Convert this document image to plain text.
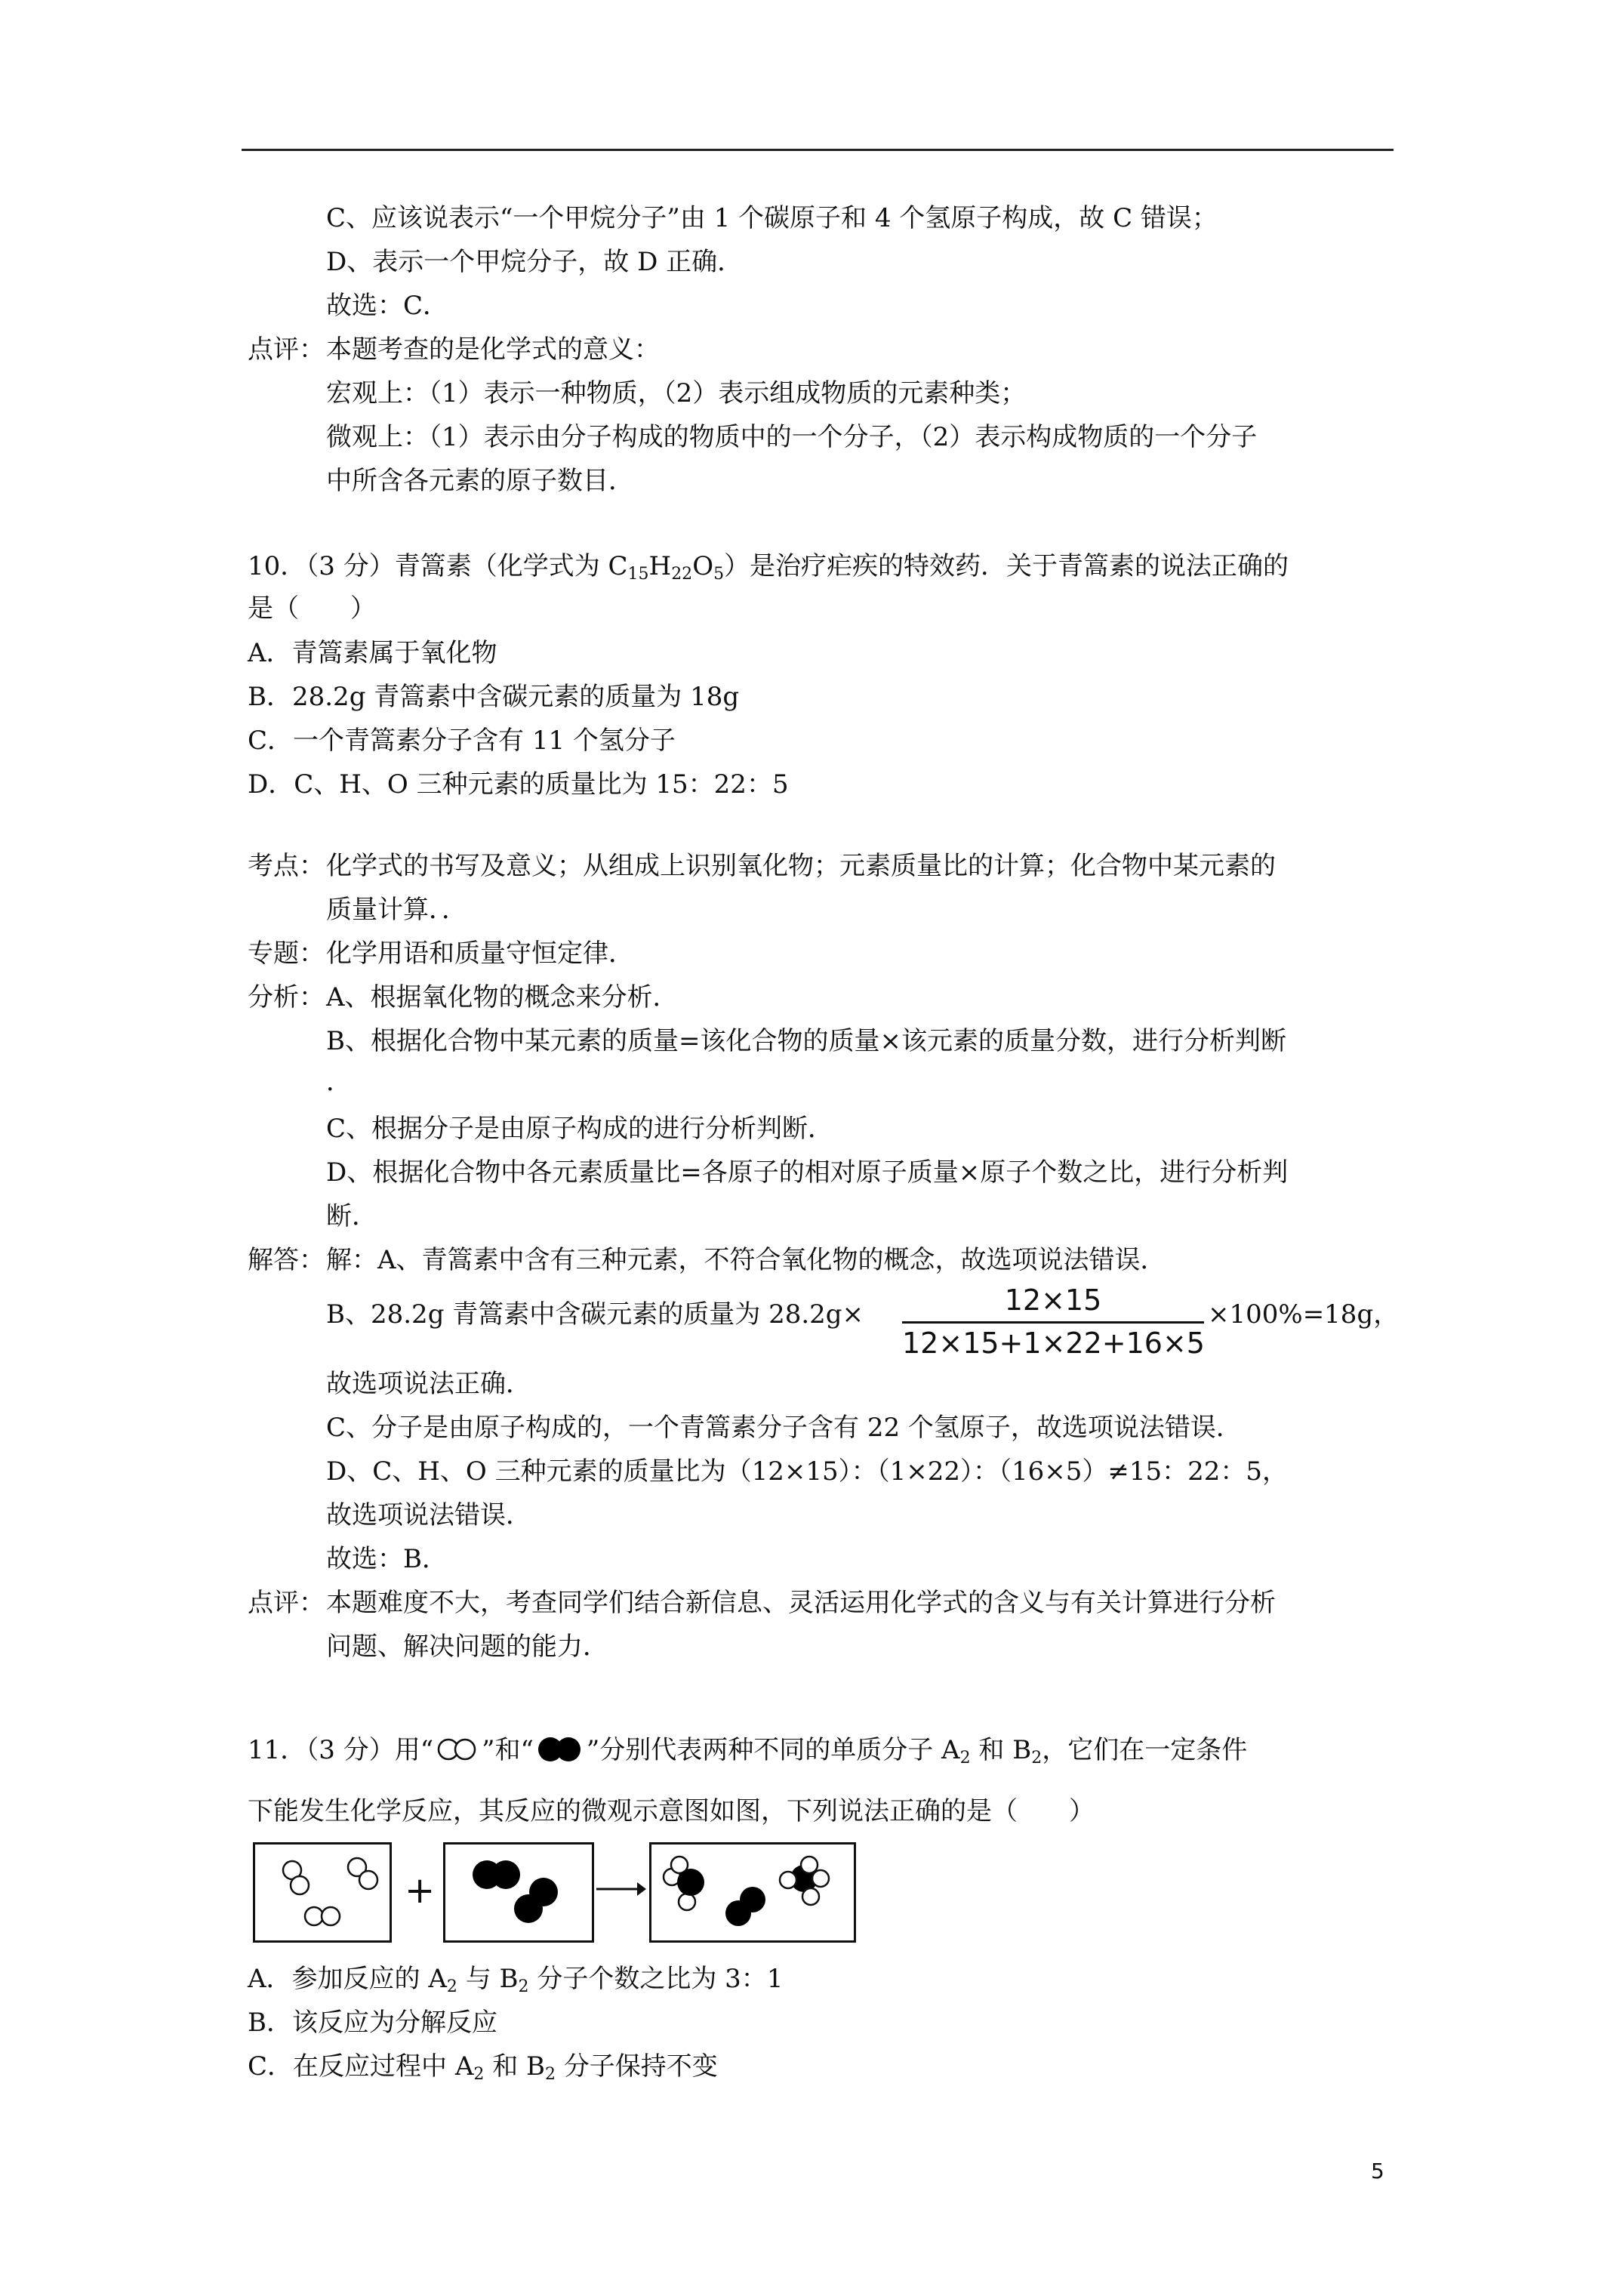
C、应该说表示“一个甲烷分子”由 1 个碳原子和 4 个氢原子构成，故 C 错误；
D、表示一个甲烷分子，故 D 正确．
故选：C．
点评： 本题考查的是化学式的意义：
宏观上：（1）表示一种物质，（2）表示组成物质的元素种类；
微观上：（1）表示由分子构成的物质中的一个分子，（2）表示构成物质的一个分子
中所含各元素的原子数目．
10．（3 分）青篙素（化学式为 $C_{15}H_{22}O_5$）是治疗疟疾的特效药．关于青篙素的说法正确的
是（　　）
A．青篙素属于氧化物
B．28.2g 青篙素中含碳元素的质量为 18g
C．一个青篙素分子含有 11 个氢分子
D．C、H、O 三种元素的质量比为 15：22：5
考点： 化学式的书写及意义；从组成上识别氧化物；元素质量比的计算；化合物中某元素的
质量计算．．
专题： 化学用语和质量守恒定律．
分析： A、根据氧化物的概念来分析．
B、根据化合物中某元素的质量=该化合物的质量×该元素的质量分数，进行分析判断
．
C、根据分子是由原子构成的进行分析判断．
D、根据化合物中各元素质量比=各原子的相对原子质量×原子个数之比，进行分析判
断．
解答： 解：A、青篙素中含有三种元素，不符合氧化物的概念，故选项说法错误．
B、28.2g 青篙素中含碳元素的质量为 28.2g×	12×15
12×15+1×22+16×5
×100%=18g，
故选项说法正确．
C、分子是由原子构成的，一个青篙素分子含有 22 个氢原子，故选项说法错误．
D、C、H、O 三种元素的质量比为（12×15）：（1×22）：（16×5）≠15：22：5，
故选项说法错误．
故选：B．
点评： 本题难度不大，考查同学们结合新信息、灵活运用化学式的含义与有关计算进行分析
问题、解决问题的能力．
11．（3 分）用“ ”和“ ”分别代表两种不同的单质分子 $A_2$ 和 $B_2$，它们在一定条件
下能发生化学反应，其反应的微观示意图如图，下列说法正确的是（　　）
+
A．参加反应的 $A_2$ 与 $B_2$ 分子个数之比为 3：1
B．该反应为分解反应
C．在反应过程中 $A_2$ 和 $B_2$ 分子保持不变
5
